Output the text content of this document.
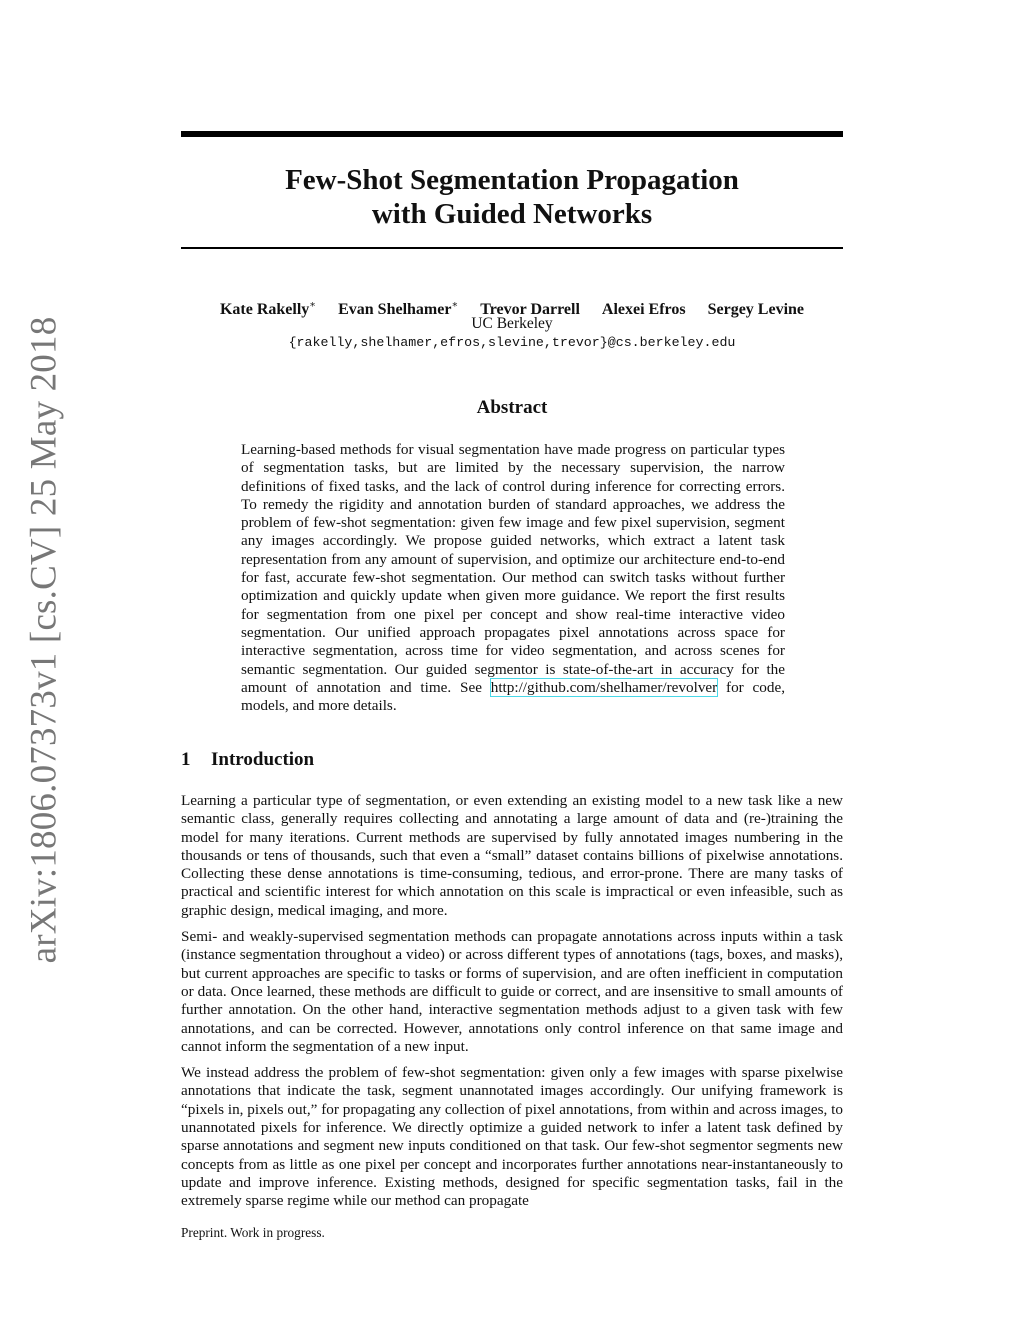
arXiv:1806.07373v1 [cs.CV] 25 May 2018
Few-Shot Segmentation Propagation
with Guided Networks
Kate Rakelly∗ Evan Shelhamer∗ Trevor Darrell Alexei Efros Sergey Levine
UC Berkeley
{rakelly,shelhamer,efros,slevine,trevor}@cs.berkeley.edu
Abstract
Learning-based methods for visual segmentation have made progress on particular types of segmentation tasks, but are limited by the necessary supervision, the narrow definitions of fixed tasks, and the lack of control during inference for correcting errors. To remedy the rigidity and annotation burden of standard approaches, we address the problem of few-shot segmentation: given few image and few pixel supervision, segment any images accordingly. We propose guided networks, which extract a latent task representation from any amount of supervision, and optimize our architecture end-to-end for fast, accurate few-shot segmentation. Our method can switch tasks without further optimization and quickly update when given more guidance. We report the first results for segmentation from one pixel per concept and show real-time interactive video segmentation. Our unified approach propagates pixel annotations across space for interactive segmentation, across time for video segmentation, and across scenes for semantic segmentation. Our guided segmentor is state-of-the-art in accuracy for the amount of annotation and time. See http://github.com/shelhamer/revolver for code, models, and more details.
1 Introduction

Learning a particular type of segmentation, or even extending an existing model to a new task like a new semantic class, generally requires collecting and annotating a large amount of data and (re-)training the model for many iterations. Current methods are supervised by fully annotated images numbering in the thousands or tens of thousands, such that even a “small” dataset contains billions of pixelwise annotations. Collecting these dense annotations is time-consuming, tedious, and error-prone. There are many tasks of practical and scientific interest for which annotation on this scale is impractical or even infeasible, such as graphic design, medical imaging, and more.

Semi- and weakly-supervised segmentation methods can propagate annotations across inputs within a task (instance segmentation throughout a video) or across different types of annotations (tags, boxes, and masks), but current approaches are specific to tasks or forms of supervision, and are often inefficient in computation or data. Once learned, these methods are difficult to guide or correct, and are insensitive to small amounts of further annotation. On the other hand, interactive segmentation methods adjust to a given task with few annotations, and can be corrected. However, annotations only control inference on that same image and cannot inform the segmentation of a new input.

We instead address the problem of few-shot segmentation: given only a few images with sparse pixelwise annotations that indicate the task, segment unannotated images accordingly. Our unifying framework is “pixels in, pixels out,” for propagating any collection of pixel annotations, from within and across images, to unannotated pixels for inference. We directly optimize a guided network to infer a latent task defined by sparse annotations and segment new inputs conditioned on that task. Our few-shot segmentor segments new concepts from as little as one pixel per concept and incorporates further annotations near-instantaneously to update and improve inference. Existing methods, designed for specific segmentation tasks, fail in the extremely sparse regime while our method can propagate

Preprint. Work in progress.
